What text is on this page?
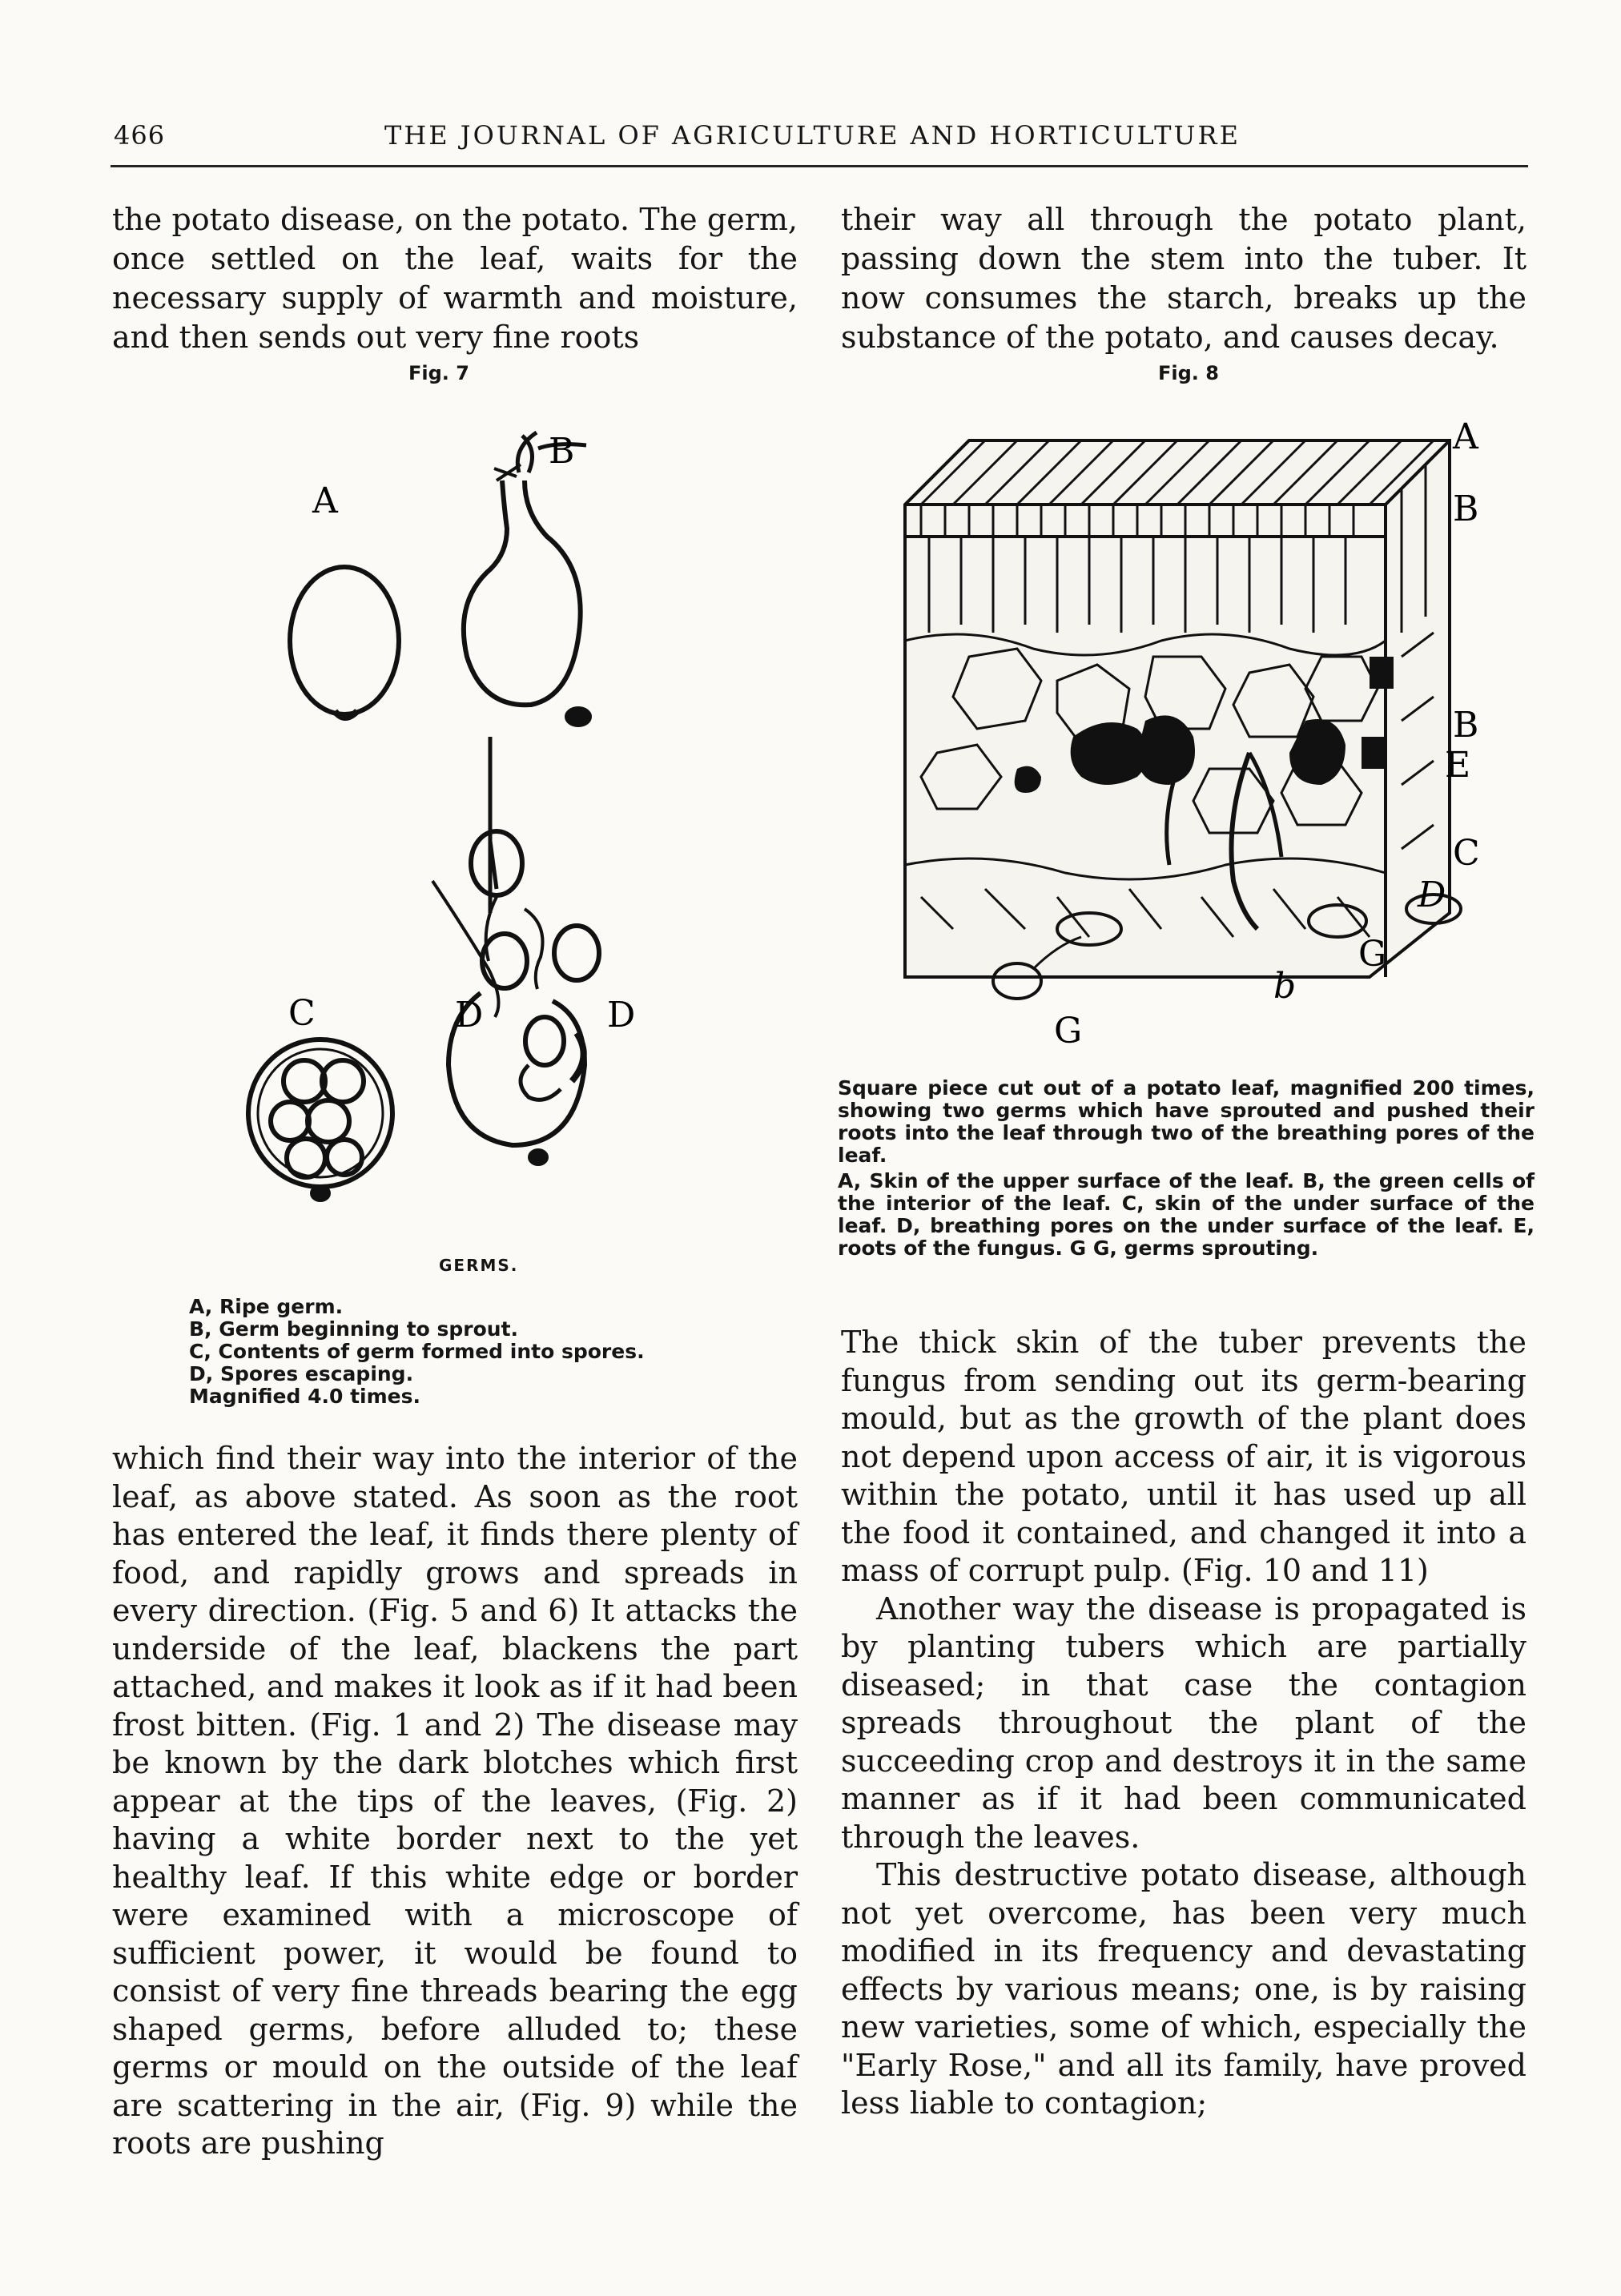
466	THE JOURNAL OF AGRICULTURE AND HORTICULTURE
the potato disease, on the potato. The germ, once settled on the leaf, waits for the necessary supply of warmth and moisture, and then sends out very fine roots
Fig. 7
A
B
C	D	D
GERMS.
A, Ripe germ.
B, Germ beginning to sprout.
C, Contents of germ formed into spores.
D, Spores escaping.
Magnified 4.0 times.
which find their way into the interior of the leaf, as above stated. As soon as the root has entered the leaf, it finds there plenty of food, and rapidly grows and spreads in every direction. (Fig. 5 and 6) It attacks the underside of the leaf, blackens the part attached, and makes it look as if it had been frost bitten. (Fig. 1 and 2) The disease may be known by the dark blotches which first appear at the tips of the leaves, (Fig. 2) having a white border next to the yet healthy leaf. If this white edge or border were examined with a microscope of sufficient power, it would be found to consist of very fine threads bearing the egg shaped germs, before alluded to; these germs or mould on the outside of the leaf are scattering in the air, (Fig. 9) while the roots are pushing
their way all through the potato plant, passing down the stem into the tuber. It now consumes the starch, breaks up the substance of the potato, and causes decay.
Fig. 8
A
B
B
E
C
D
G
b
G
Square piece cut out of a potato leaf, magnified 200 times, showing two germs which have sprouted and pushed their roots into the leaf through two of the breathing pores of the leaf.
A, Skin of the upper surface of the leaf. B, the green cells of the interior of the leaf. C, skin of the under surface of the leaf. D, breathing pores on the under surface of the leaf. E, roots of the fungus. G G, germs sprouting.

The thick skin of the tuber prevents the fungus from sending out its germ-bearing mould, but as the growth of the plant does not depend upon access of air, it is vigorous within the potato, until it has used up all the food it contained, and changed it into a mass of corrupt pulp. (Fig. 10 and 11)

Another way the disease is propagated is by planting tubers which are partially diseased; in that case the contagion spreads throughout the plant of the succeeding crop and destroys it in the same manner as if it had been communicated through the leaves.

This destructive potato disease, although not yet overcome, has been very much modified in its frequency and devastating effects by various means; one, is by raising new varieties, some of which, especially the "Early Rose," and all its family, have proved less liable to contagion;
